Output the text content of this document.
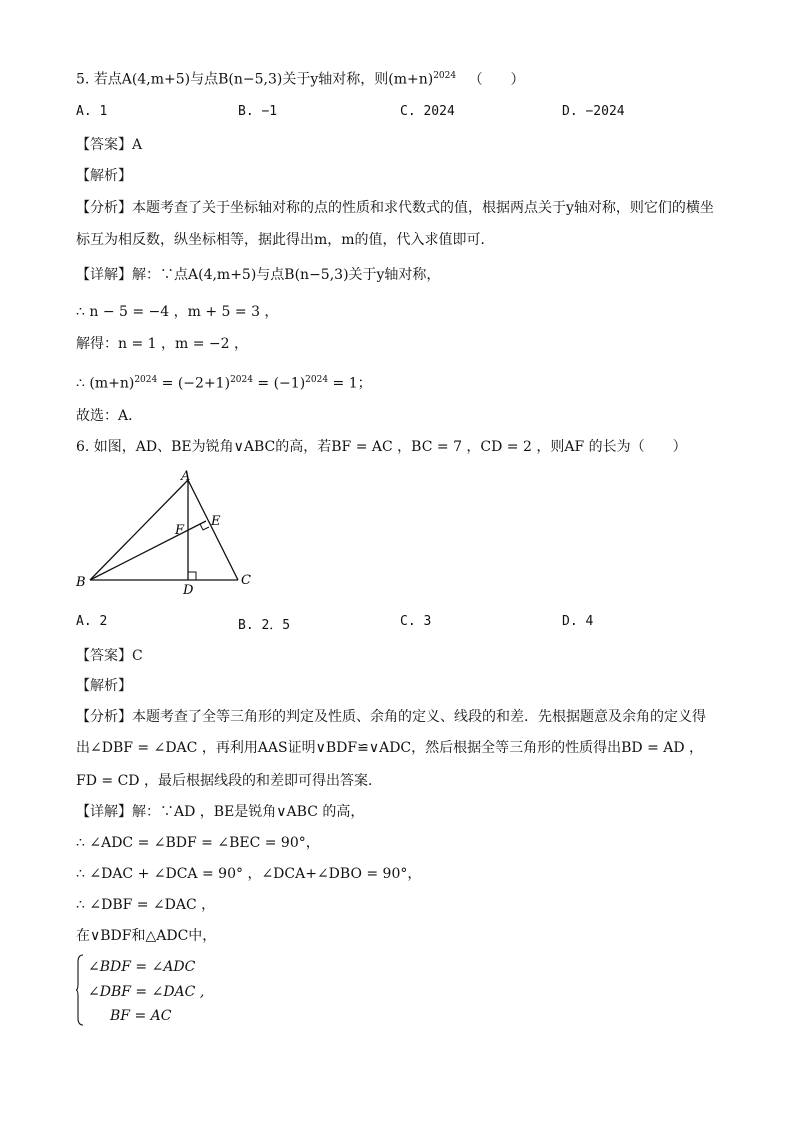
5. 若点A(4,m+5)与点B(n−5,3)关于y轴对称，则$(m+n)^{2024}$ （　　）
A. 1	B. −1	C. 2024	D. −2024
【答案】A
【解析】
【分析】本题考查了关于坐标轴对称的点的性质和求代数式的值，根据两点关于y轴对称，则它们的横坐
标互为相反数，纵坐标相等，据此得出m，m的值，代入求值即可．
【详解】解：∵点A(4,m+5)与点B(n−5,3)关于y轴对称，
∴ n − 5 = −4 ，m + 5 = 3 ，
解得：n = 1 ，m = −2 ，
∴ $(m+n)^{2024} = (-2+1)^{2024} = (-1)^{2024} = 1$；
故选：A．
6. 如图，AD、BE为锐角∨ABC的高，若BF = AC ，BC = 7 ，CD = 2 ，则AF 的长为（　　）
A
B	C
D
E
F
A. 2	B. 2．5	C. 3	D. 4
【答案】C
【解析】
【分析】本题考查了全等三角形的判定及性质、余角的定义、线段的和差．先根据题意及余角的定义得
出∠DBF = ∠DAC ，再利用AAS证明∨BDF≌∨ADC，然后根据全等三角形的性质得出BD = AD ，
FD = CD ，最后根据线段的和差即可得出答案．
【详解】解：∵AD ，BE是锐角∨ABC 的高，
∴ ∠ADC = ∠BDF = ∠BEC = 90°，
∴ ∠DAC + ∠DCA = 90° ，∠DCA+∠DBO = 90°，
∴ ∠DBF = ∠DAC ，
在∨BDF和△ADC中，
∠BDF = ∠ADC
∠DBF = ∠DAC ,
BF = AC
